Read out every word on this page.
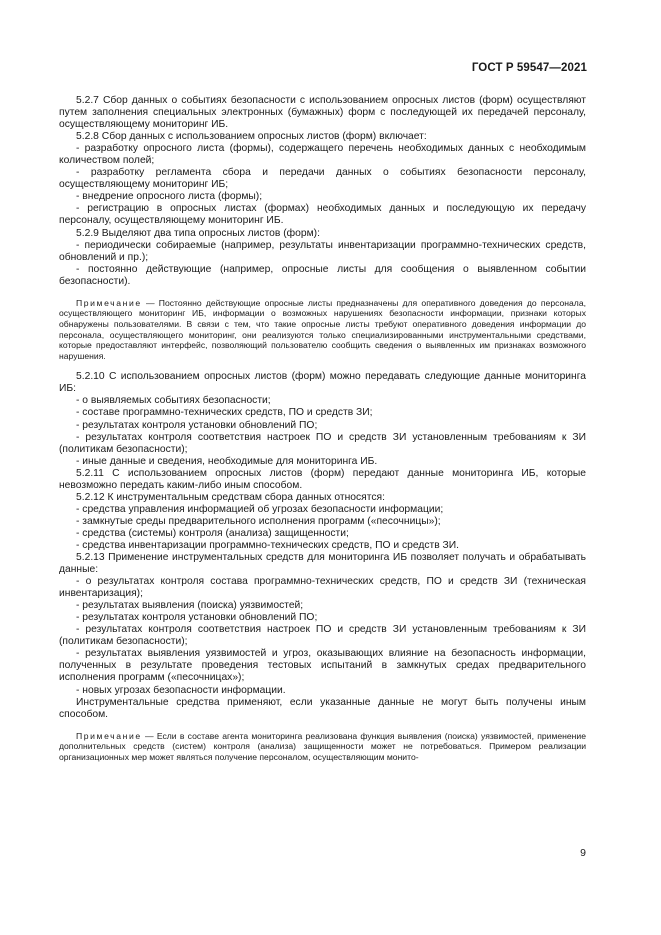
ГОСТ Р 59547—2021

5.2.7 Сбор данных о событиях безопасности с использованием опросных листов (форм) осуществляют путем заполнения специальных электронных (бумажных) форм с последующей их передачей персоналу, осуществляющему мониторинг ИБ.

5.2.8 Сбор данных с использованием опросных листов (форм) включает:

- разработку опросного листа (формы), содержащего перечень необходимых данных с необходимым количеством полей;

- разработку регламента сбора и передачи данных о событиях безопасности персоналу, осуществляющему мониторинг ИБ;

- внедрение опросного листа (формы);

- регистрацию в опросных листах (формах) необходимых данных и последующую их передачу персоналу, осуществляющему мониторинг ИБ.

5.2.9 Выделяют два типа опросных листов (форм):

- периодически собираемые (например, результаты инвентаризации программно-технических средств, обновлений и пр.);

- постоянно действующие (например, опросные листы для сообщения о выявленном событии безопасности).

Примечание — Постоянно действующие опросные листы предназначены для оперативного доведения до персонала, осуществляющего мониторинг ИБ, информации о возможных нарушениях безопасности информации, признаки которых обнаружены пользователями. В связи с тем, что такие опросные листы требуют оперативного доведения информации до персонала, осуществляющего мониторинг, они реализуются только специализированными инструментальными средствами, которые предоставляют интерфейс, позволяющий пользователю сообщить сведения о выявленных им признаках возможного нарушения.

5.2.10 С использованием опросных листов (форм) можно передавать следующие данные мониторинга ИБ:

- о выявляемых событиях безопасности;

- составе программно-технических средств, ПО и средств ЗИ;

- результатах контроля установки обновлений ПО;

- результатах контроля соответствия настроек ПО и средств ЗИ установленным требованиям к ЗИ (политикам безопасности);

- иные данные и сведения, необходимые для мониторинга ИБ.

5.2.11 С использованием опросных листов (форм) передают данные мониторинга ИБ, которые невозможно передать каким-либо иным способом.

5.2.12 К инструментальным средствам сбора данных относятся:

- средства управления информацией об угрозах безопасности информации;

- замкнутые среды предварительного исполнения программ («песочницы»);

- средства (системы) контроля (анализа) защищенности;

- средства инвентаризации программно-технических средств, ПО и средств ЗИ.

5.2.13 Применение инструментальных средств для мониторинга ИБ позволяет получать и обрабатывать данные:

- о результатах контроля состава программно-технических средств, ПО и средств ЗИ (техническая инвентаризация);

- результатах выявления (поиска) уязвимостей;

- результатах контроля установки обновлений ПО;

- результатах контроля соответствия настроек ПО и средств ЗИ установленным требованиям к ЗИ (политикам безопасности);

- результатах выявления уязвимостей и угроз, оказывающих влияние на безопасность информации, полученных в результате проведения тестовых испытаний в замкнутых средах предварительного исполнения программ («песочницах»);

- новых угрозах безопасности информации.

Инструментальные средства применяют, если указанные данные не могут быть получены иным способом.

Примечание — Если в составе агента мониторинга реализована функция выявления (поиска) уязвимостей, применение дополнительных средств (систем) контроля (анализа) защищенности может не потребоваться. Примером реализации организационных мер может являться получение персоналом, осуществляющим монито-

9
